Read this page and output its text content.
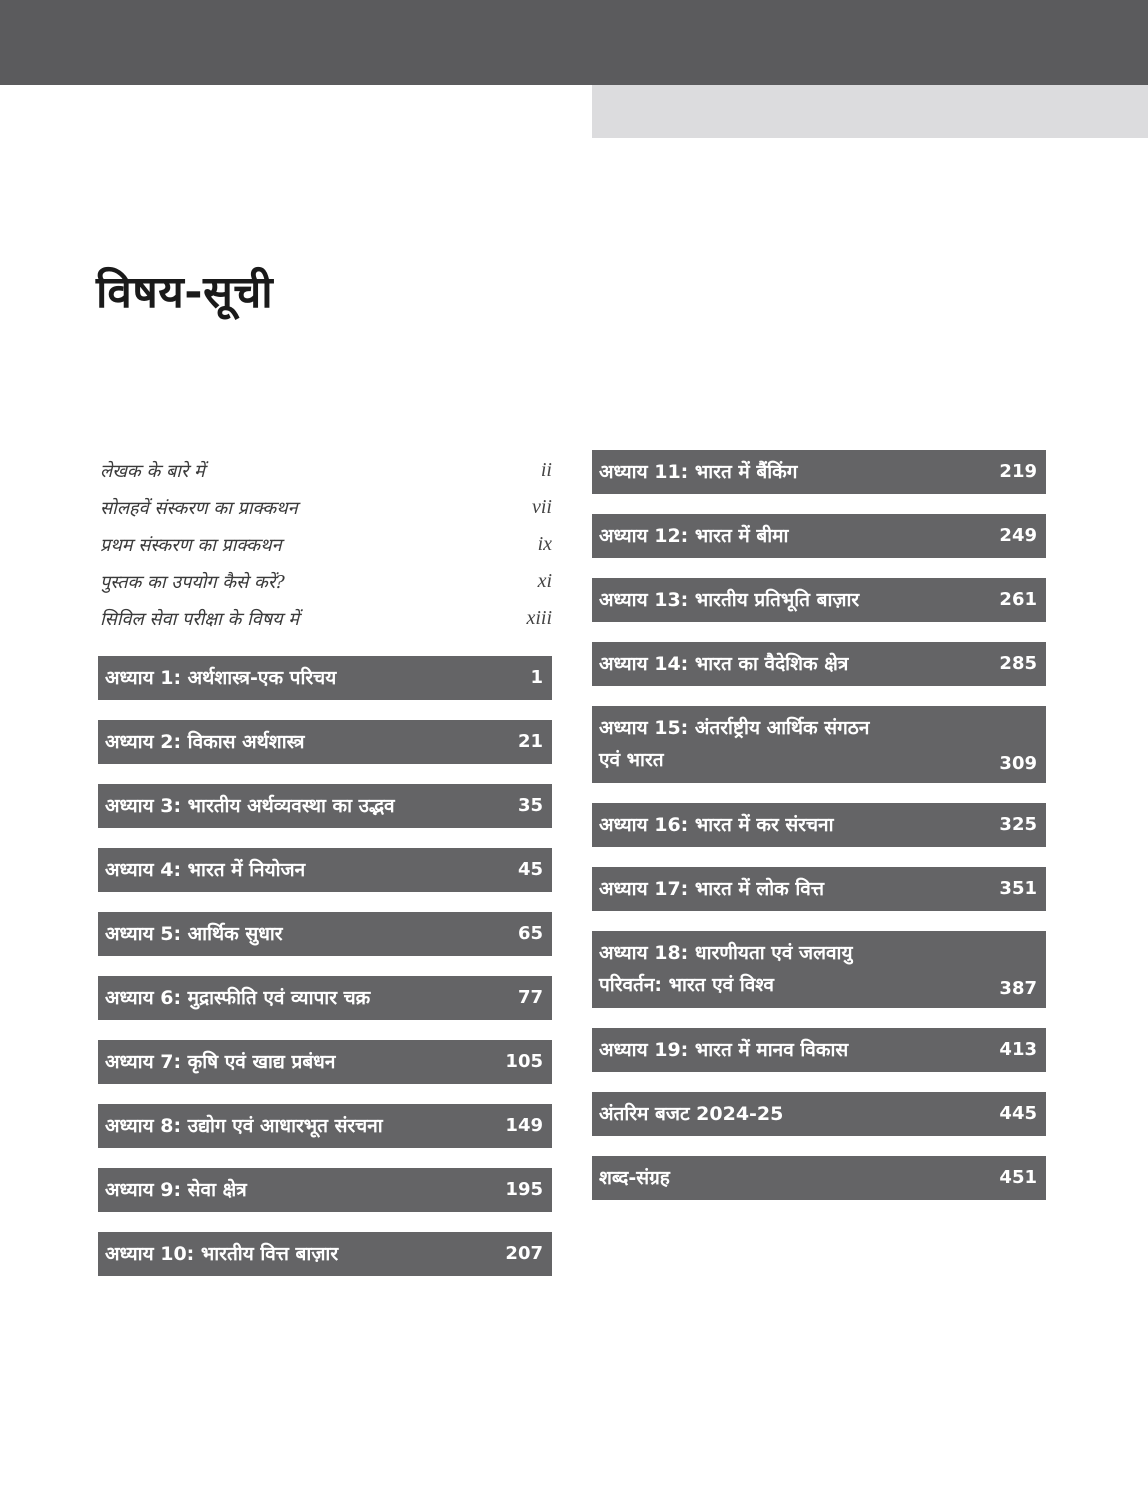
विषय-सूची
लेखक के बारे में	ii
सोलहवें संस्करण का प्राक्कथन	vii
प्रथम संस्करण का प्राक्कथन	ix
पुस्तक का उपयोग कैसे करें?	xi
सिविल सेवा परीक्षा के विषय में	xiii
अध्याय 1: अर्थशास्त्र-एक परिचय	1
अध्याय 2: विकास अर्थशास्त्र	21
अध्याय 3: भारतीय अर्थव्यवस्था का उद्भव	35
अध्याय 4: भारत में नियोजन	45
अध्याय 5: आर्थिक सुधार	65
अध्याय 6: मुद्रास्फीति एवं व्यापार चक्र	77
अध्याय 7: कृषि एवं खाद्य प्रबंधन	105
अध्याय 8: उद्योग एवं आधारभूत संरचना	149
अध्याय 9: सेवा क्षेत्र	195
अध्याय 10: भारतीय वित्त बाज़ार	207
अध्याय 11: भारत में बैंकिंग	219
अध्याय 12: भारत में बीमा	249
अध्याय 13: भारतीय प्रतिभूति बाज़ार	261
अध्याय 14: भारत का वैदेशिक क्षेत्र	285
अध्याय 15: अंतर्राष्ट्रीय आर्थिक संगठन
एवं भारत	309
अध्याय 16: भारत में कर संरचना	325
अध्याय 17: भारत में लोक वित्त	351
अध्याय 18: धारणीयता एवं जलवायु
परिवर्तन: भारत एवं विश्व	387
अध्याय 19: भारत में मानव विकास	413
अंतरिम बजट 2024-25	445
शब्द-संग्रह	451
